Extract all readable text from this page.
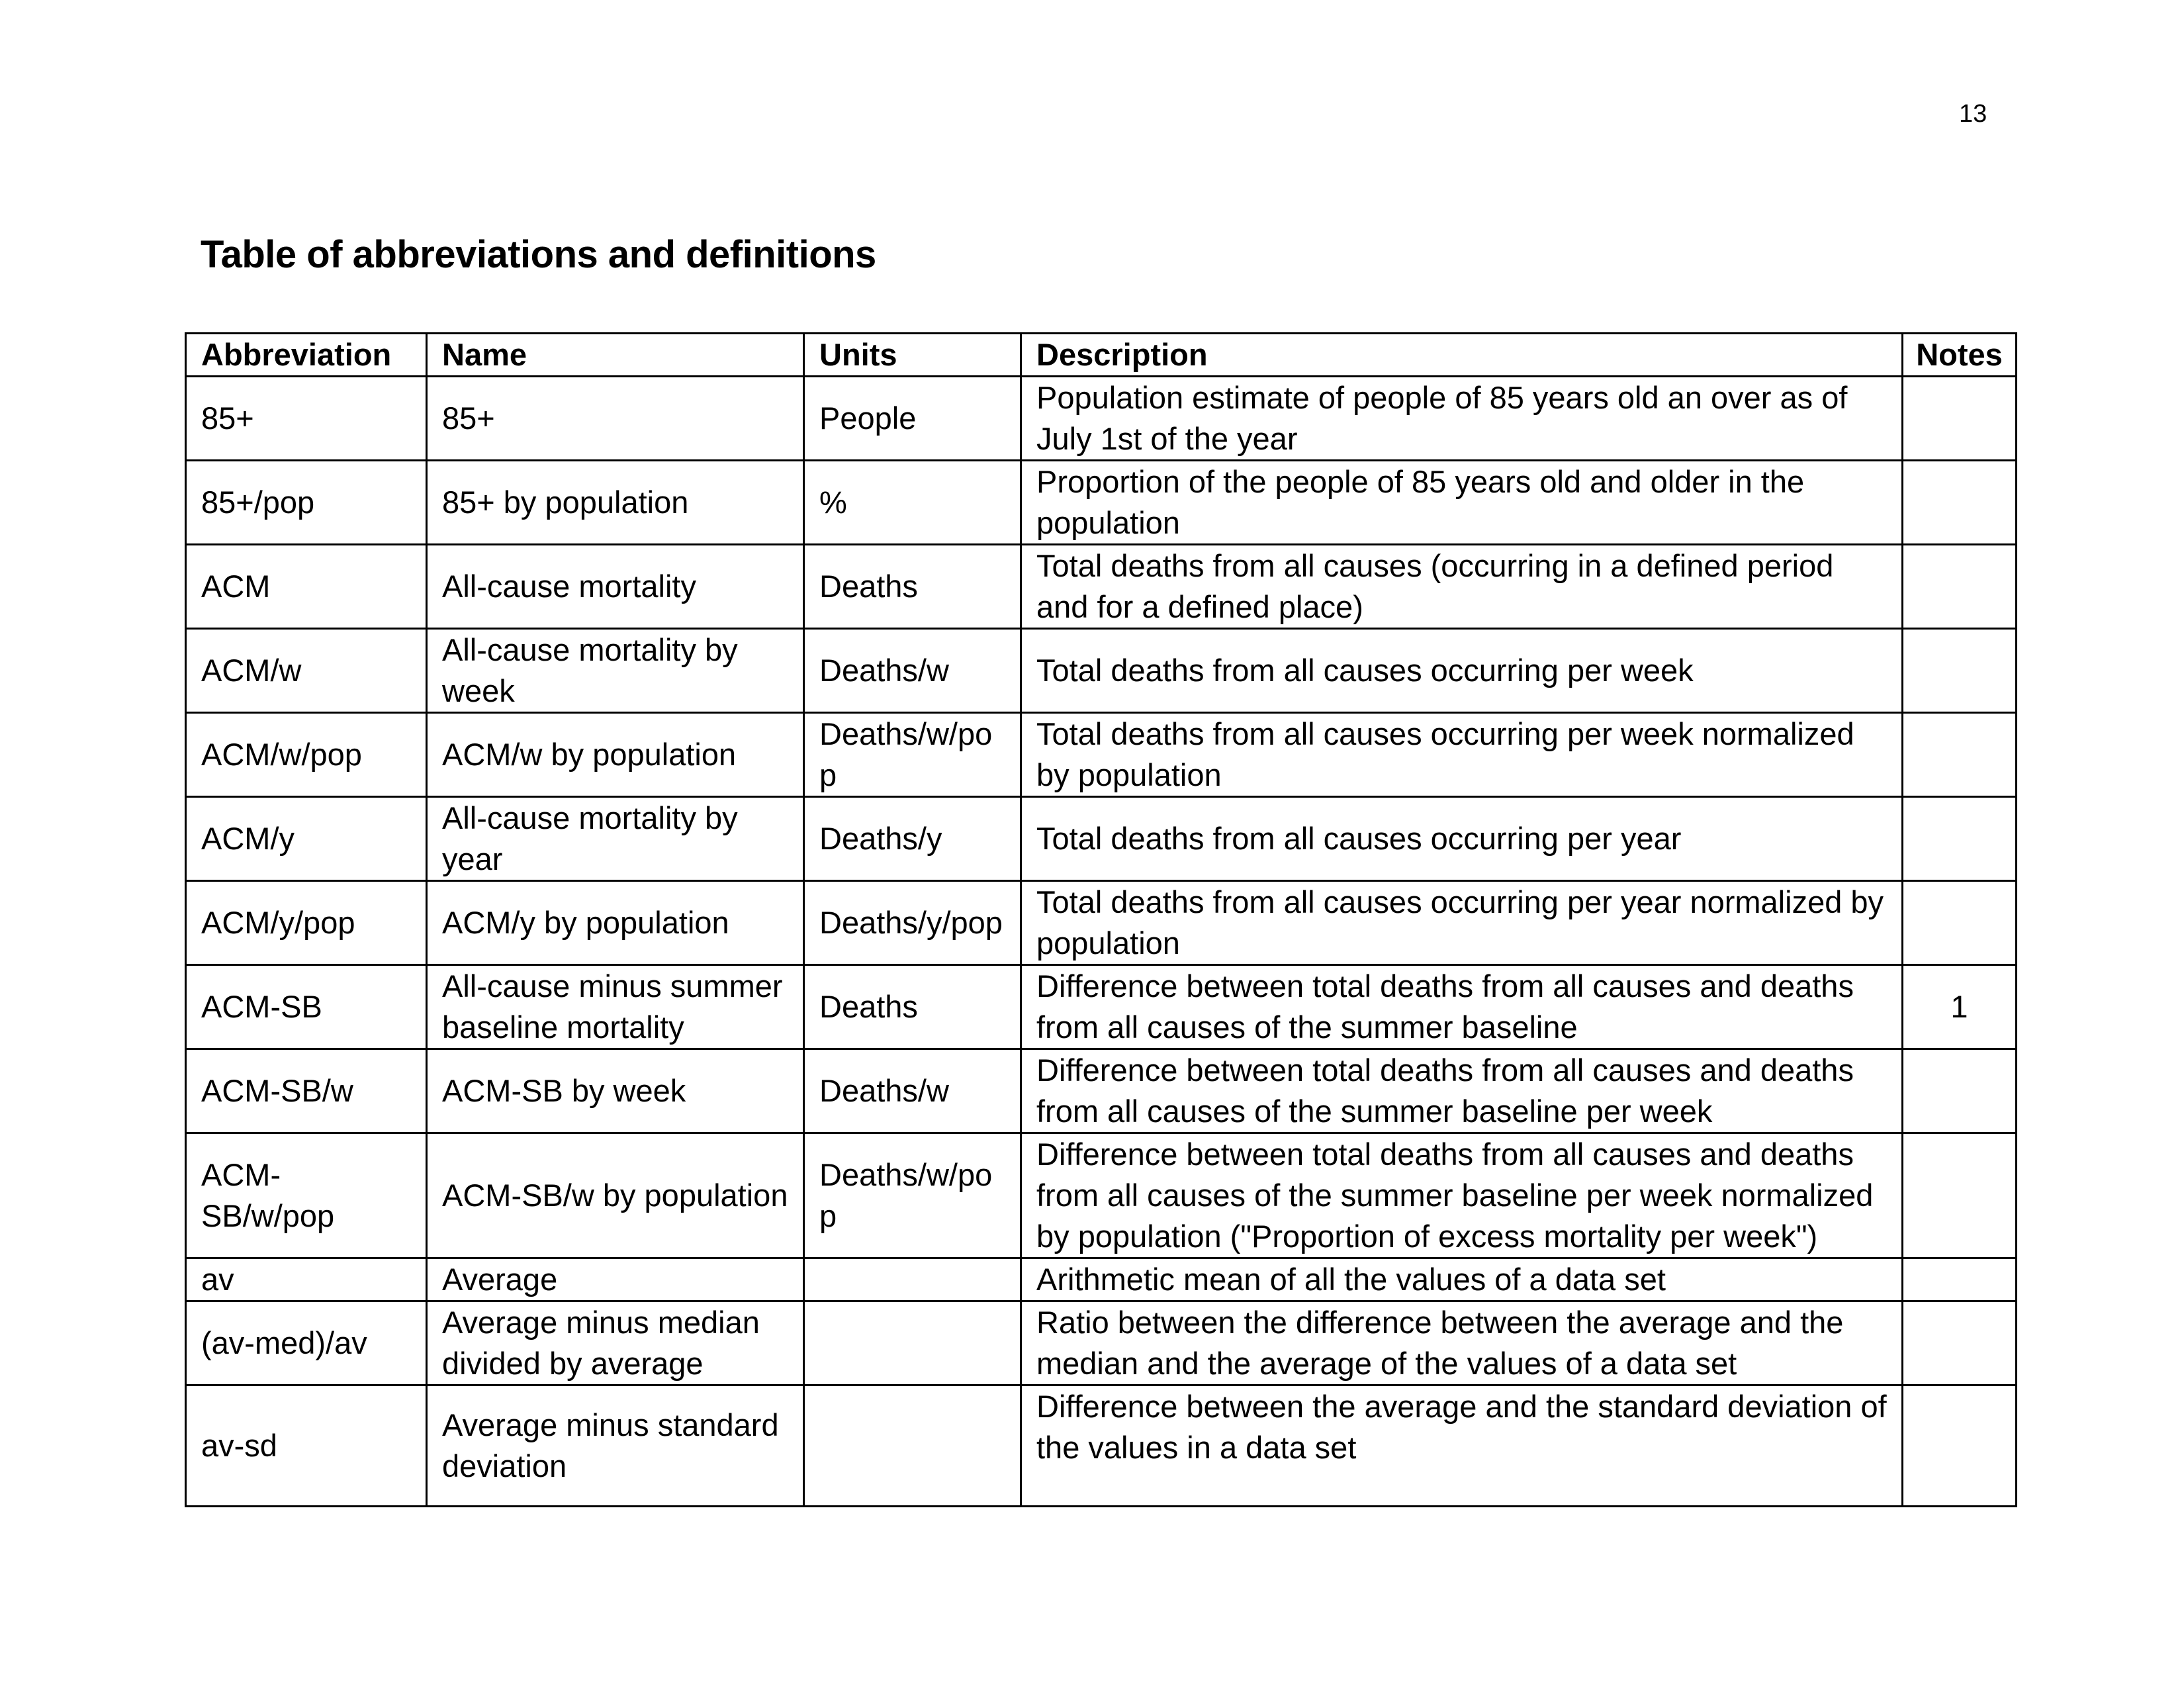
13
Table of abbreviations and definitions
Abbreviation	Name	Units	Description	Notes
85+	85+	People	Population estimate of people of 85 years old an over as of July 1st of the year	
85+/pop	85+ by population	%	Proportion of the people of 85 years old and older in the population	
ACM	All-cause mortality	Deaths	Total deaths from all causes (occurring in a defined period and for a defined place)	
ACM/w	All-cause mortality by week	Deaths/w	Total deaths from all causes occurring per week	
ACM/w/pop	ACM/w by population	Deaths/w/pop	Total deaths from all causes occurring per week normalized by population	
ACM/y	All-cause mortality by year	Deaths/y	Total deaths from all causes occurring per year	
ACM/y/pop	ACM/y by population	Deaths/y/pop	Total deaths from all causes occurring per year normalized by population	
ACM-SB	All-cause minus summer baseline mortality	Deaths	Difference between total deaths from all causes and deaths from all causes of the summer baseline	1
ACM-SB/w	ACM-SB by week	Deaths/w	Difference between total deaths from all causes and deaths from all causes of the summer baseline per week	
ACM-SB/w/pop	ACM-SB/w by population	Deaths/w/pop	Difference between total deaths from all causes and deaths from all causes of the summer baseline per week normalized by population ("Proportion of excess mortality per week")	
av	Average		Arithmetic mean of all the values of a data set	
(av-med)/av	Average minus median divided by average		Ratio between the difference between the average and the median and the average of the values of a data set	
av-sd	Average minus standard deviation		Difference between the average and the standard deviation of the values in a data set	
